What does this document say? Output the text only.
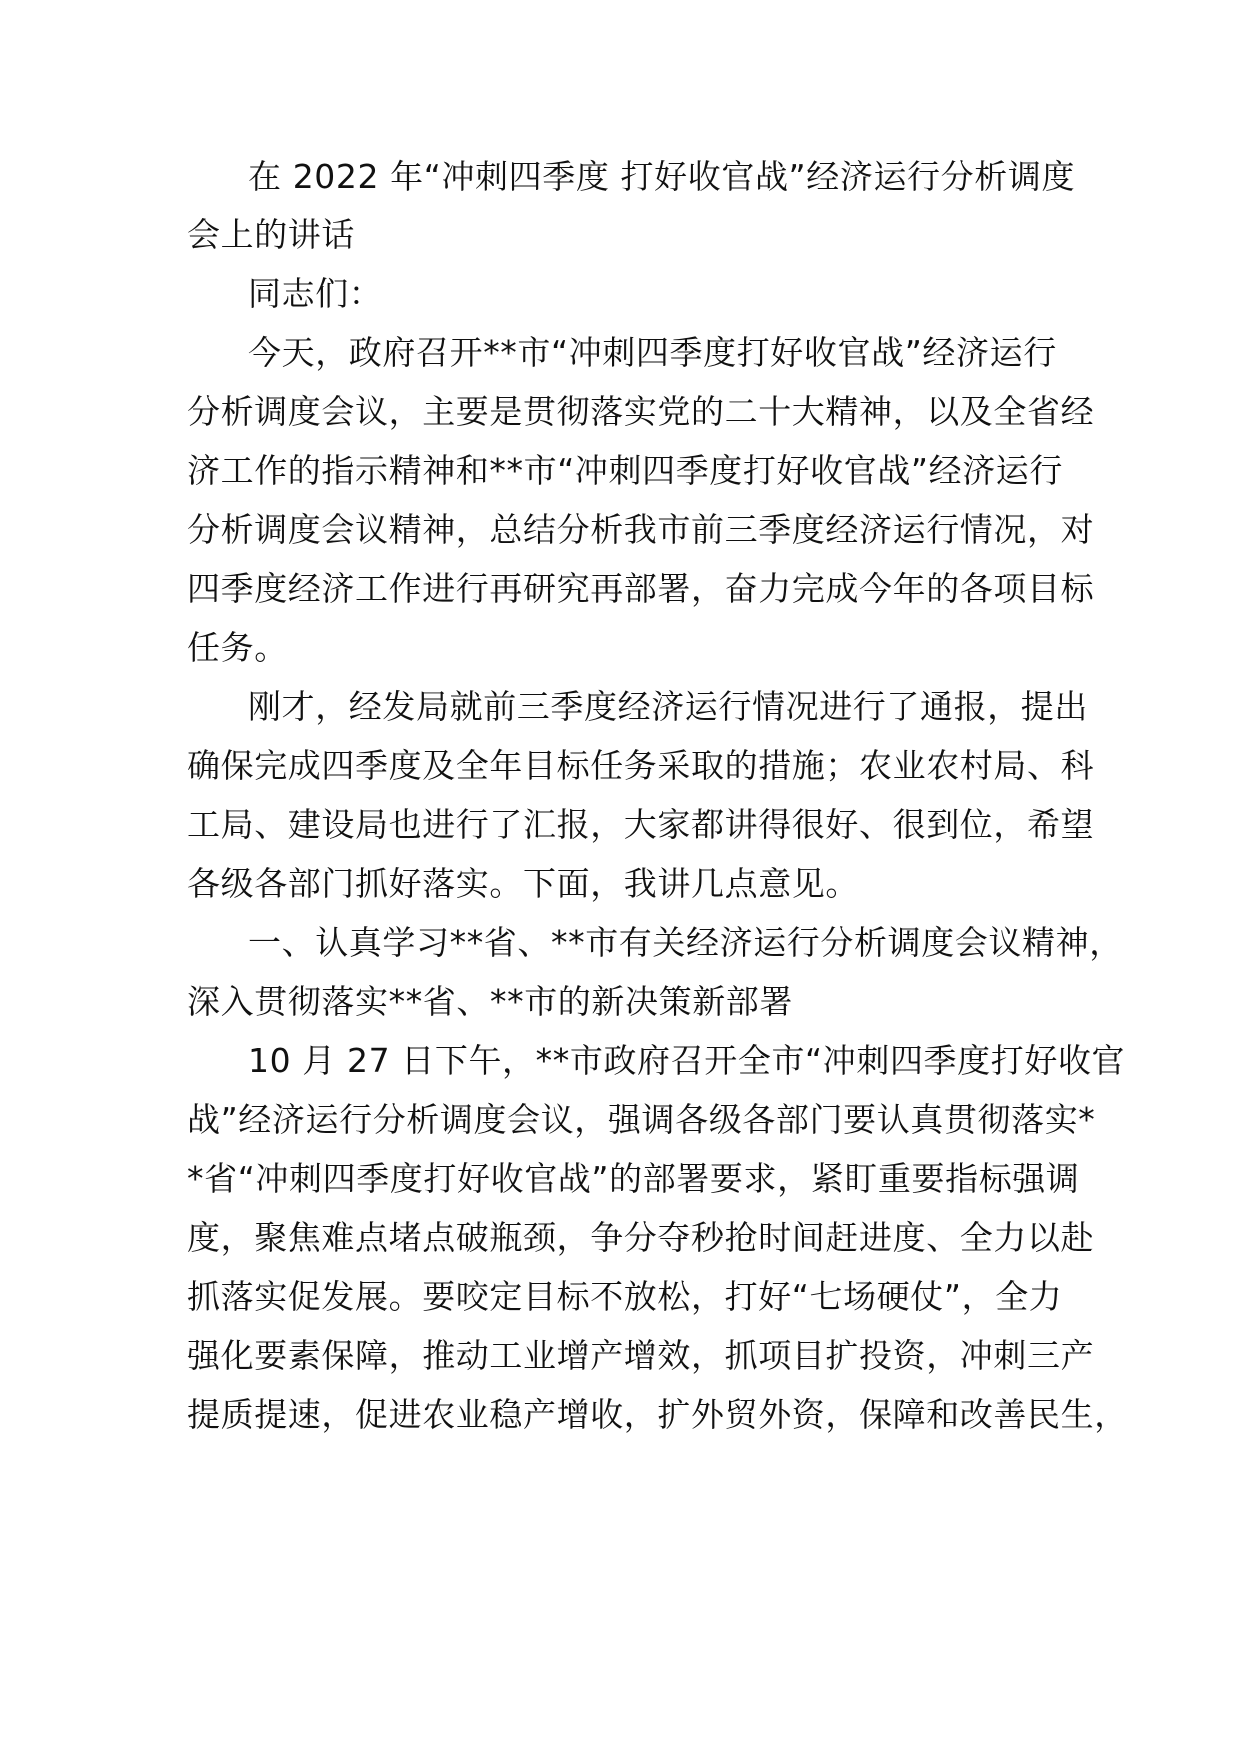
在 2022 年“冲刺四季度 打好收官战”经济运行分析调度

会上的讲话

同志们：

今天，政府召开**市“冲刺四季度打好收官战”经济运行

分析调度会议，主要是贯彻落实党的二十大精神，以及全省经

济工作的指示精神和**市“冲刺四季度打好收官战”经济运行

分析调度会议精神，总结分析我市前三季度经济运行情况，对

四季度经济工作进行再研究再部署，奋力完成今年的各项目标

任务。

刚才，经发局就前三季度经济运行情况进行了通报，提出

确保完成四季度及全年目标任务采取的措施；农业农村局、科

工局、建设局也进行了汇报，大家都讲得很好、很到位，希望

各级各部门抓好落实。下面，我讲几点意见。

一、认真学习**省、**市有关经济运行分析调度会议精神，

深入贯彻落实**省、**市的新决策新部署

10 月 27 日下午，**市政府召开全市“冲刺四季度打好收官

战”经济运行分析调度会议，强调各级各部门要认真贯彻落实*

*省“冲刺四季度打好收官战”的部署要求，紧盯重要指标强调

度，聚焦难点堵点破瓶颈，争分夺秒抢时间赶进度、全力以赴

抓落实促发展。要咬定目标不放松，打好“七场硬仗”，全力

强化要素保障，推动工业增产增效，抓项目扩投资，冲刺三产

提质提速，促进农业稳产增收，扩外贸外资，保障和改善民生，
